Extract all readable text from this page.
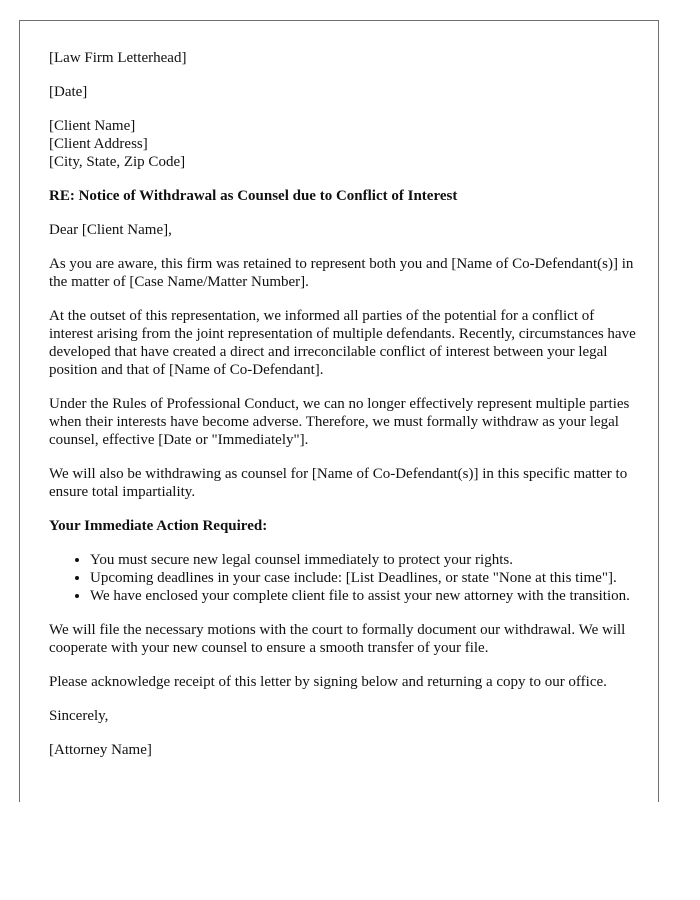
[Law Firm Letterhead]

[Date]

[Client Name]
[Client Address]
[City, State, Zip Code]

RE: Notice of Withdrawal as Counsel due to Conflict of Interest

Dear [Client Name],

As you are aware, this firm was retained to represent both you and [Name of Co-Defendant(s)] in the matter of [Case Name/Matter Number].

At the outset of this representation, we informed all parties of the potential for a conflict of interest arising from the joint representation of multiple defendants. Recently, circumstances have developed that have created a direct and irreconcilable conflict of interest between your legal position and that of [Name of Co-Defendant].

Under the Rules of Professional Conduct, we can no longer effectively represent multiple parties when their interests have become adverse. Therefore, we must formally withdraw as your legal counsel, effective [Date or "Immediately"].

We will also be withdrawing as counsel for [Name of Co-Defendant(s)] in this specific matter to ensure total impartiality.

Your Immediate Action Required:

• You must secure new legal counsel immediately to protect your rights.
• Upcoming deadlines in your case include: [List Deadlines, or state "None at this time"].
• We have enclosed your complete client file to assist your new attorney with the transition.

We will file the necessary motions with the court to formally document our withdrawal. We will cooperate with your new counsel to ensure a smooth transfer of your file.

Please acknowledge receipt of this letter by signing below and returning a copy to our office.

Sincerely,

[Attorney Name]
